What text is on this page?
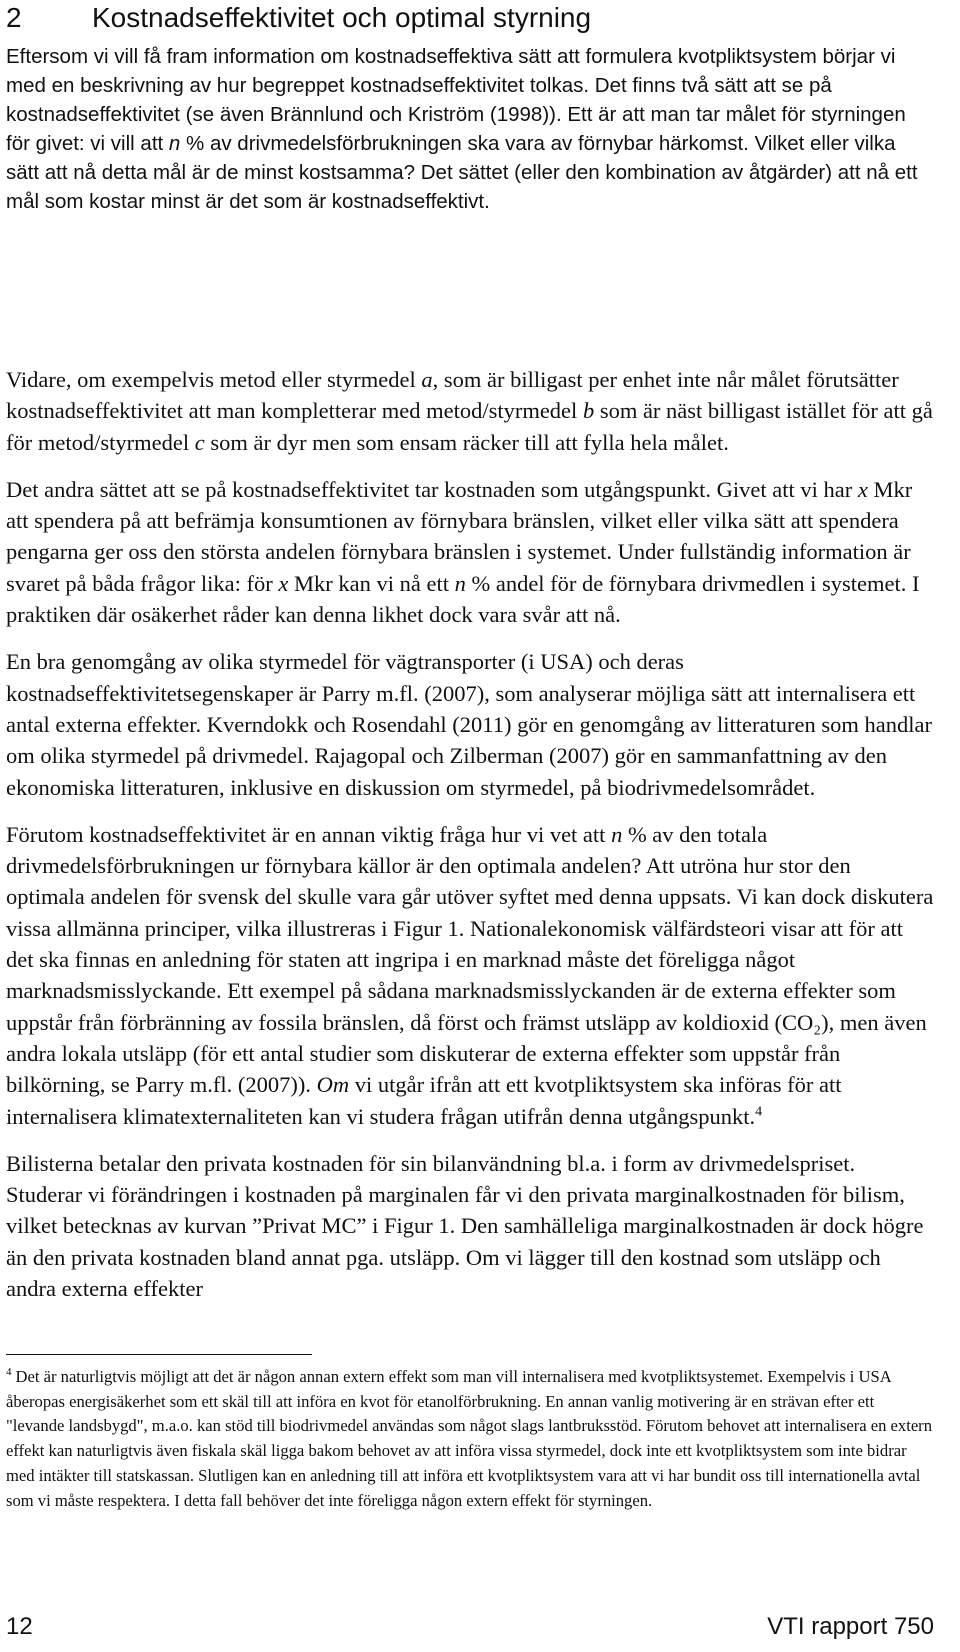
2	Kostnadseffektivitet och optimal styrning

Eftersom vi vill få fram information om kostnadseffektiva sätt att formulera kvotpliktsystem börjar vi med en beskrivning av hur begreppet kostnadseffektivitet tolkas. Det finns två sätt att se på kostnadseffektivitet (se även Brännlund och Kriström (1998)). Ett är att man tar målet för styrningen för givet: vi vill att n % av drivmedelsförbrukningen ska vara av förnybar härkomst. Vilket eller vilka sätt att nå detta mål är de minst kostsamma? Det sättet (eller den kombination av åtgärder) att nå ett mål som kostar minst är det som är kostnadseffektivt.

Vidare, om exempelvis metod eller styrmedel a, som är billigast per enhet inte når målet förutsätter kostnadseffektivitet att man kompletterar med metod/styrmedel b som är näst billigast istället för att gå för metod/styrmedel c som är dyr men som ensam räcker till att fylla hela målet.

Det andra sättet att se på kostnadseffektivitet tar kostnaden som utgångspunkt. Givet att vi har x Mkr att spendera på att befrämja konsumtionen av förnybara bränslen, vilket eller vilka sätt att spendera pengarna ger oss den största andelen förnybara bränslen i systemet. Under fullständig information är svaret på båda frågor lika: för x Mkr kan vi nå ett n % andel för de förnybara drivmedlen i systemet. I praktiken där osäkerhet råder kan denna likhet dock vara svår att nå.

En bra genomgång av olika styrmedel för vägtransporter (i USA) och deras kostnadseffektivitetsegenskaper är Parry m.fl. (2007), som analyserar möjliga sätt att internalisera ett antal externa effekter. Kverndokk och Rosendahl (2011) gör en genomgång av litteraturen som handlar om olika styrmedel på drivmedel. Rajagopal och Zilberman (2007) gör en sammanfattning av den ekonomiska litteraturen, inklusive en diskussion om styrmedel, på biodrivmedelsområdet.

Förutom kostnadseffektivitet är en annan viktig fråga hur vi vet att n % av den totala drivmedelsförbrukningen ur förnybara källor är den optimala andelen? Att utröna hur stor den optimala andelen för svensk del skulle vara går utöver syftet med denna uppsats. Vi kan dock diskutera vissa allmänna principer, vilka illustreras i Figur 1. Nationalekonomisk välfärdsteori visar att för att det ska finnas en anledning för staten att ingripa i en marknad måste det föreligga något marknadsmisslyckande. Ett exempel på sådana marknadsmisslyckanden är de externa effekter som uppstår från förbränning av fossila bränslen, då först och främst utsläpp av koldioxid (CO₂), men även andra lokala utsläpp (för ett antal studier som diskuterar de externa effekter som uppstår från bilkörning, se Parry m.fl. (2007)). Om vi utgår ifrån att ett kvotpliktsystem ska införas för att internalisera klimatexternaliteten kan vi studera frågan utifrån denna utgångspunkt.$^4$

Bilisterna betalar den privata kostnaden för sin bilanvändning bl.a. i form av drivmedelspriset. Studerar vi förändringen i kostnaden på marginalen får vi den privata marginalkostnaden för bilism, vilket betecknas av kurvan ”Privat MC” i Figur 1. Den samhälleliga marginalkostnaden är dock högre än den privata kostnaden bland annat pga. utsläpp. Om vi lägger till den kostnad som utsläpp och andra externa effekter

$^4$ Det är naturligtvis möjligt att det är någon annan extern effekt som man vill internalisera med kvotpliktsystemet. Exempelvis i USA åberopas energisäkerhet som ett skäl till att införa en kvot för etanolförbrukning. En annan vanlig motivering är en strävan efter ett "levande landsbygd", m.a.o. kan stöd till biodrivmedel användas som något slags lantbruksstöd. Förutom behovet att internalisera en extern effekt kan naturligtvis även fiskala skäl ligga bakom behovet av att införa vissa styrmedel, dock inte ett kvotpliktsystem som inte bidrar med intäkter till statskassan. Slutligen kan en anledning till att införa ett kvotpliktsystem vara att vi har bundit oss till internationella avtal som vi måste respektera. I detta fall behöver det inte föreligga någon extern effekt för styrningen.

12	VTI rapport 750
